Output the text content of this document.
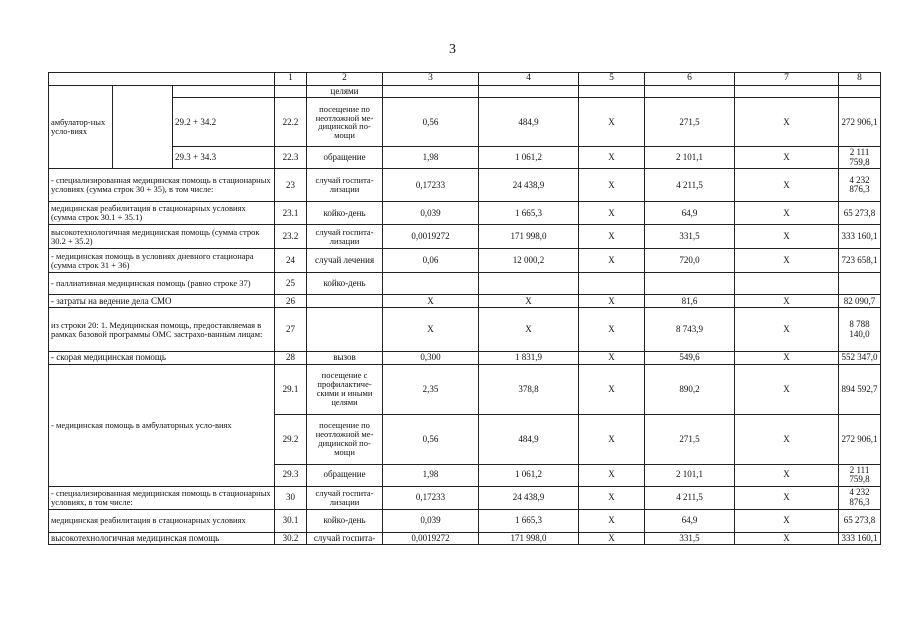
3
			1	2	3	4	5	6	7	8	
амбулатор-ных усло-виях				целями							
		29.2 + 34.2	22.2	посещение по неотложной ме-дицинской по-мощи	0,56	484,9	Х	271,5	Х	272 906,1	
		29.3 + 34.3	22.3	обращение	1,98	1 061,2	Х	2 101,1	Х	2 111 759,8	
- специализированная медицинская помощь в стационарных условиях (сумма строк 30 + 35), в том числе:			23	случай госпита-лизации	0,17233	24 438,9	Х	4 211,5	Х	4 232 876,3	
медицинская реабилитация в стационарных условиях (сумма строк 30.1 + 35.1)			23.1	койко-день	0,039	1 665,3	Х	64,9	Х	65 273,8	
высокотехнологичная медицинская помощь (сумма строк 30.2 + 35.2)			23.2	случай госпита-лизации	0,0019272	171 998,0	Х	331,5	Х	333 160,1	
- медицинская помощь в условиях дневного стационара (сумма строк 31 + 36)			24	случай лечения	0,06	12 000,2	Х	720,0	Х	723 658,1	
- паллиативная медицинская помощь (равно строке 37)			25	койко-день							
- затраты на ведение дела СМО			26		Х	Х	Х	81,6	Х	82 090,7	
из строки 20: 1. Медицинская помощь, предоставляемая в рамках базовой программы ОМС застрахо-ванным лицам:			27		Х	Х	Х	8 743,9	Х	8 788 140,0	
- скорая медицинская помощь			28	вызов	0,300	1 831,9	Х	549,6	Х	552 347,0	
- медицинская помощь в амбулаторных усло-виях			29.1	посещение с профилактиче-скими и иными целями	2,35	378,8	Х	890,2	Х	894 592,7	
			29.2	посещение по неотложной ме-дицинской по-мощи	0,56	484,9	Х	271,5	Х	272 906,1	
			29.3	обращение	1,98	1 061,2	Х	2 101,1	Х	2 111 759,8	
- специализированная медицинская помощь в стационарных условиях, в том числе:			30	случай госпита-лизации	0,17233	24 438,9	Х	4 211,5	Х	4 232 876,3	
медицинская реабилитация в стационарных условиях			30.1	койко-день	0,039	1 665,3	Х	64,9	Х	65 273,8	
высокотехнологичная медицинская помощь			30.2	случай госпита-	0,0019272	171 998,0	Х	331,5	Х	333 160,1	
